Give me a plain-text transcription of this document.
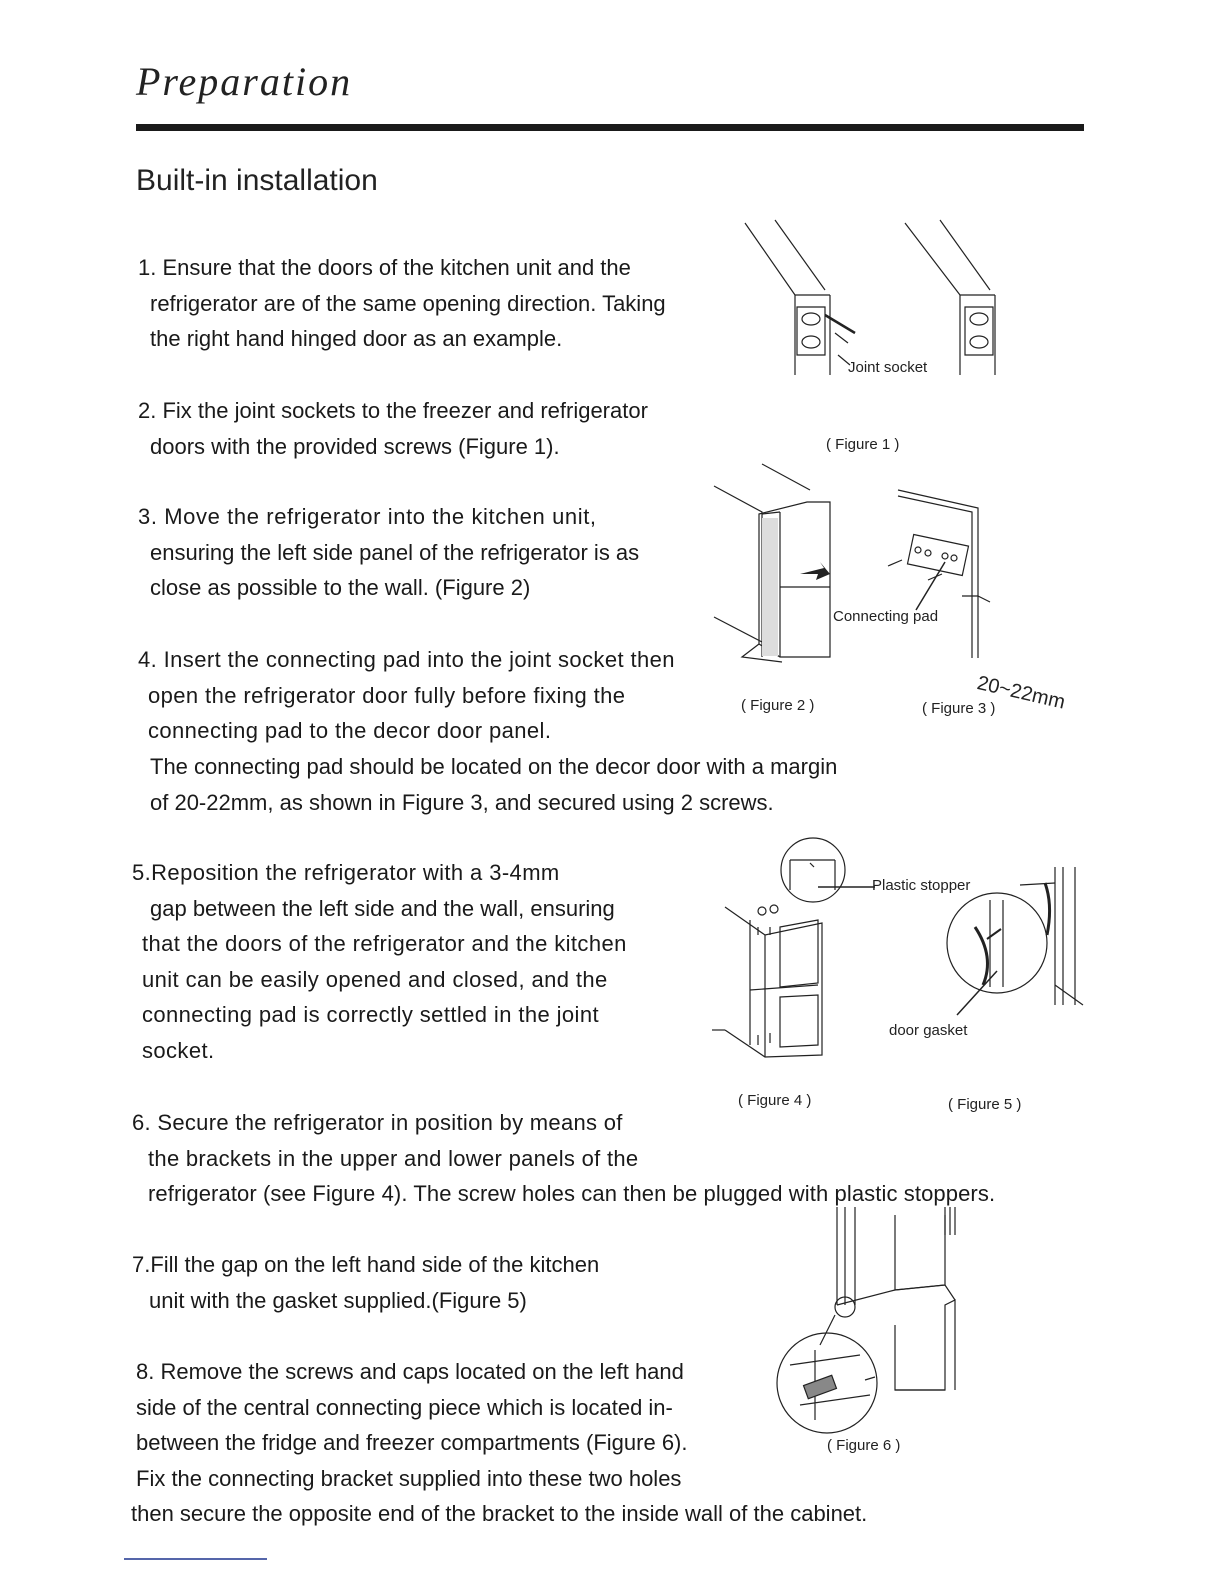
Preparation
Built-in installation
1. Ensure that the doors of the kitchen unit and the
refrigerator are of the same opening direction. Taking
the right hand hinged door as an example.
2. Fix the joint sockets to the freezer and refrigerator
doors with the provided screws (Figure 1).
3. Move the refrigerator into the kitchen unit,
ensuring the left side panel of the refrigerator is as
close as possible to the wall. (Figure 2)
4. Insert the connecting pad into the joint socket then
open the refrigerator door fully before fixing the
connecting pad to the decor door panel.
The connecting pad should be located on the decor door with a margin
of 20-22mm, as shown in Figure 3, and secured using 2 screws.
5.Reposition the refrigerator with a 3-4mm
gap between the left side and the wall, ensuring
that the doors of the refrigerator and the kitchen
unit can be easily opened and closed, and the
connecting pad is correctly settled in the joint
socket.
6. Secure the refrigerator in position by means of
the brackets in the upper and lower panels of the
refrigerator (see Figure 4). The screw holes can then be plugged with plastic stoppers.
7.Fill the gap on the left hand side of the kitchen
unit with the gasket supplied.(Figure 5)
8. Remove the screws and caps located on the left hand
side of the central connecting piece which is located in-
between the fridge and freezer compartments (Figure 6).
Fix the connecting bracket supplied into these two holes
then secure the opposite end of the bracket to the inside wall of the cabinet.
Joint socket
( Figure 1 )
Connecting pad
( Figure 2 )	20~22mm
( Figure 3 )
Plastic stopper
( Figure 4 )
door gasket
( Figure 5 )
( Figure 6 )
